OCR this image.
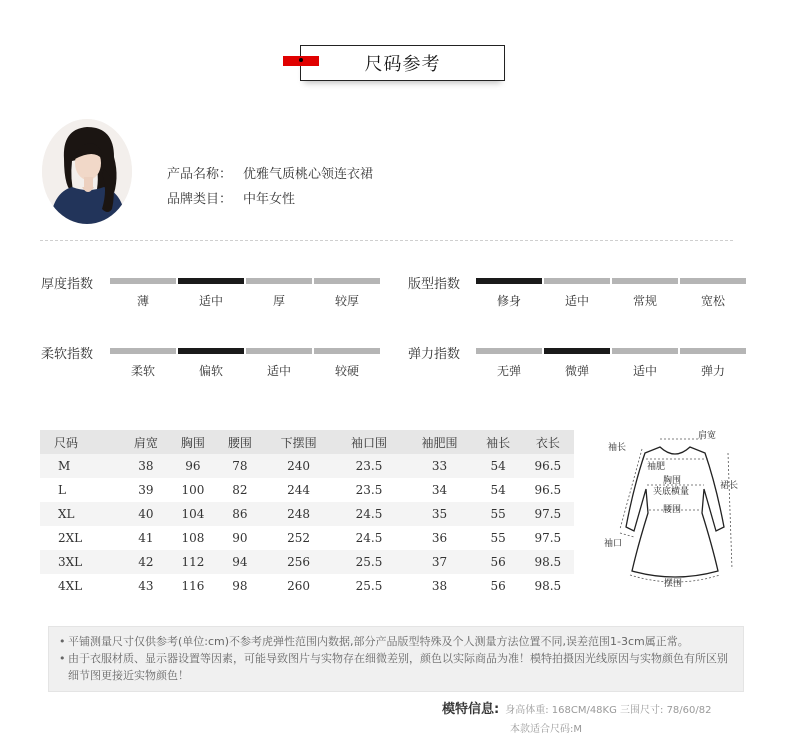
尺码参考
产品名称： 优雅气质桃心领连衣裙
品牌类目： 中年女性
厚度指数
薄	适中	厚	较厚
版型指数
修身	适中	常规	宽松
柔软指数
柔软	偏软	适中	较硬
弹力指数
无弹	微弹	适中	弹力
尺码	肩宽	胸围	腰围	下摆围	袖口围	袖肥围	袖长	衣长
M	38	96	78	240	23.5	33	54	96.5
L	39	100	82	244	23.5	34	54	96.5
XL	40	104	86	248	24.5	35	55	97.5
2XL	41	108	90	252	24.5	36	55	97.5
3XL	42	112	94	256	25.5	37	56	98.5
4XL	43	116	98	260	25.5	38	56	98.5
肩宽
袖长
袖肥
胸围
夹底横量
腰围
裙长
袖口
摆围
• 平铺测量尺寸仅供参考(单位:cm)不参考虎弹性范围内数据,部分产品版型特殊及个人测量方法位置不同,误差范围1-3cm属正常。
• 由于衣服材质、显示器设置等因素，可能导致图片与实物存在细微差别，颜色以实际商品为准！模特拍摄因光线原因与实物颜色有所区别细节图更接近实物颜色！
模特信息: 身高体重: 168CM/48KG 三围尺寸: 78/60/82
本款适合尺码:M
